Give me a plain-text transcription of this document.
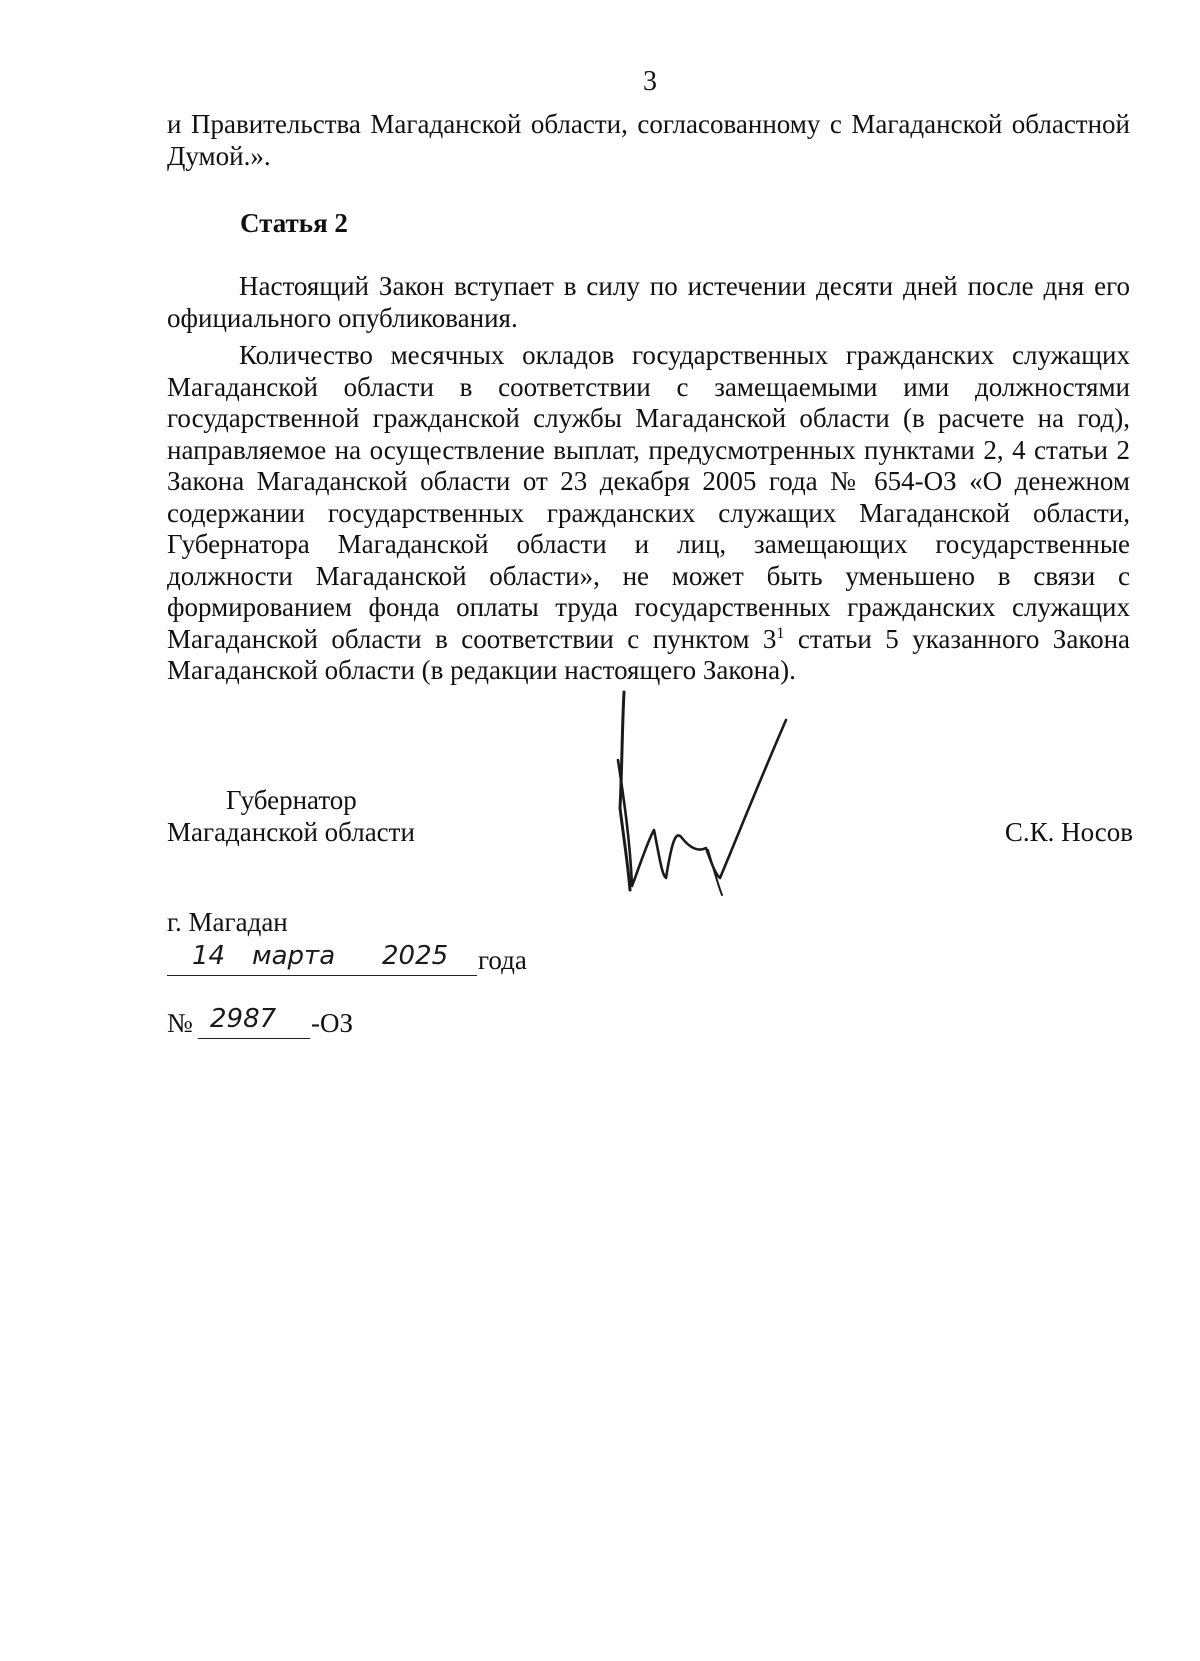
3

и Правительства Магаданской области, согласованному с Магаданской областной Думой.».

Статья 2

Настоящий Закон вступает в силу по истечении десяти дней после дня его официального опубликования.

Количество месячных окладов государственных гражданских служащих Магаданской области в соответствии с замещаемыми ими должностями государственной гражданской службы Магаданской области (в расчете на год), направляемое на осуществление выплат, предусмотренных пунктами 2, 4 статьи 2 Закона Магаданской области от 23 декабря 2005 года № 654-ОЗ «О денежном содержании государственных гражданских служащих Магаданской области, Губернатора Магаданской области и лиц, замещающих государственные должности Магаданской области», не может быть уменьшено в связи с формированием фонда оплаты труда государственных гражданских служащих Магаданской области в соответствии с пунктом $3^1$ статьи 5 указанного Закона Магаданской области (в редакции настоящего Закона).

Губернатор
Магаданской области	С.К. Носов
г. Магадан
14 марта 2025 года
№ 2987 -ОЗ
